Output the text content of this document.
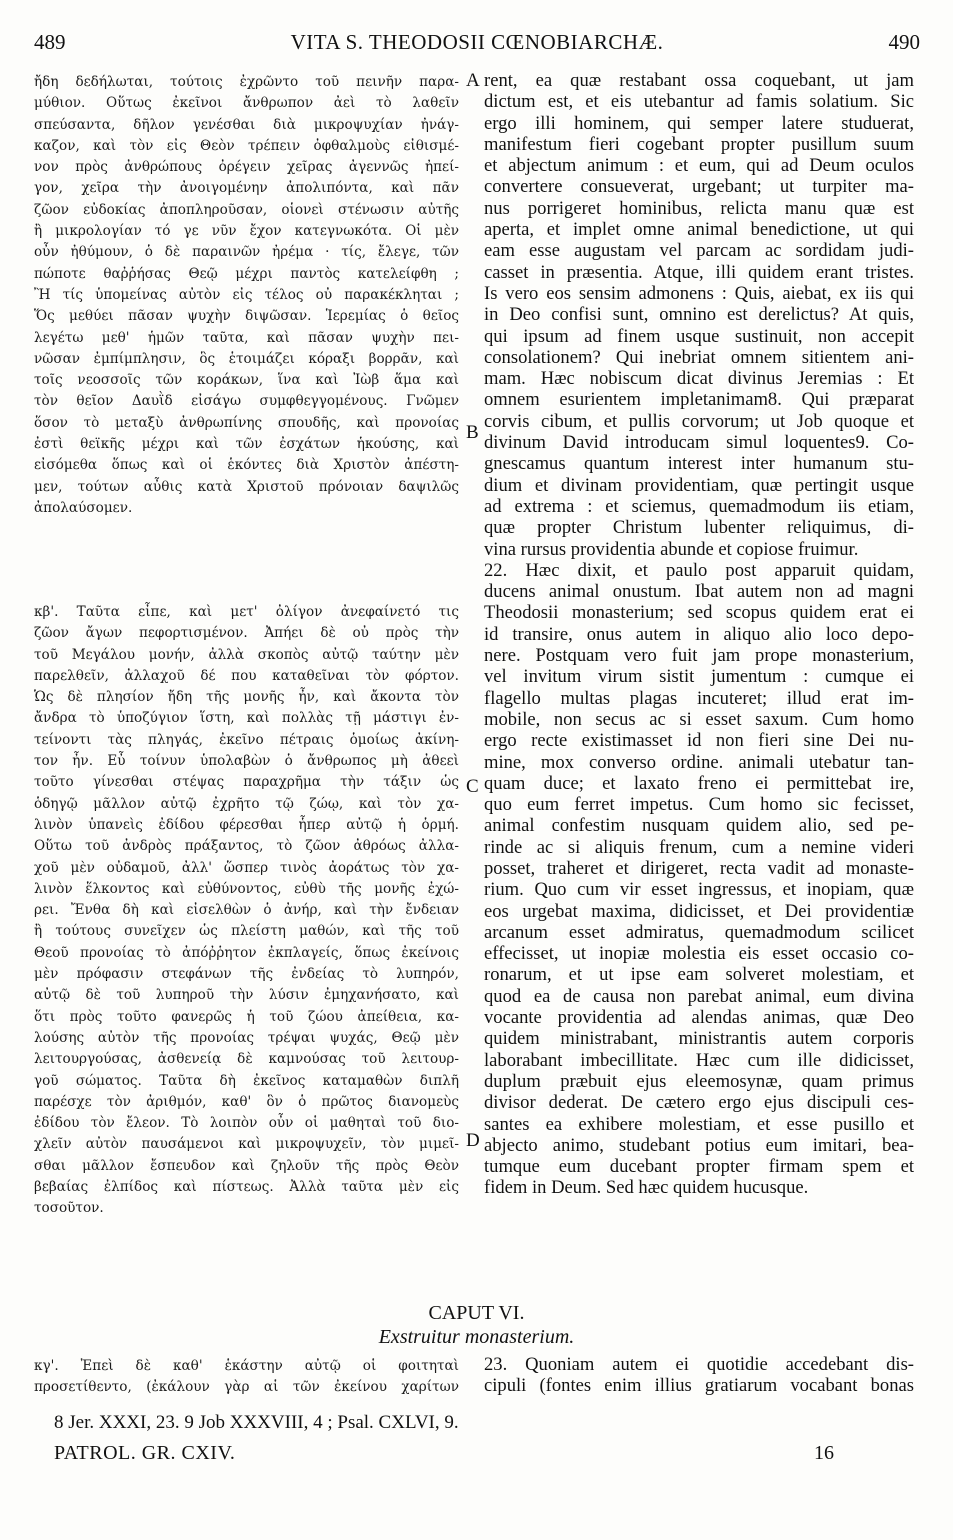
489	VITA S. THEODOSII CŒNOBIARCHÆ.	490
ἤδη δεδήλωται, τούτοις ἐχρῶντο τοῦ πεινῆν παρα-
μύθιον. Οὕτως ἐκεῖνοι ἄνθρωπον ἀεὶ τὸ λαθεῖν
σπεύσαντα, δῆλον γενέσθαι διὰ μικροψυχίαν ἠνάγ-
καζον, καὶ τὸν εἰς Θεὸν τρέπειν ὀφθαλμοὺς εἰθισμέ-
νον πρὸς ἀνθρώπους ὀρέγειν χεῖρας ἀγεννῶς ἠπεί-
γον, χεῖρα τὴν ἀνοιγομένην ἀπολιπόντα, καὶ πᾶν
ζῶον εὐδοκίας ἀποπληροῦσαν, οἱονεὶ στένωσιν αὐτῆς
ἢ μικρολογίαν τό γε νῦν ἔχον κατεγνωκότα. Οἱ μὲν
οὖν ἠθύμουν, ὁ δὲ παραινῶν ἠρέμα · τίς, ἔλεγε, τῶν
πώποτε θαῤῥήσας Θεῷ μέχρι παντὸς κατελείφθη ;
Ἢ τίς ὑπομείνας αὐτὸν εἰς τέλος οὐ παρακέκληται ;
Ὅς μεθύει πᾶσαν ψυχὴν διψῶσαν. Ἱερεμίας ὁ θεῖος
λεγέτω μεθ' ἡμῶν ταῦτα, καὶ πᾶσαν ψυχὴν πει-
νῶσαν ἐμπίμπλησιν, ὃς ἑτοιμάζει κόραξι βορρᾶν, καὶ
τοῖς νεοσσοῖς τῶν κοράκων, ἵνα καὶ Ἰὼβ ἅμα καὶ
τὸν θεῖον Δαυῒδ εἰσάγω συμφθεγγομένους. Γνῶμεν
ὅσον τὸ μεταξὺ ἀνθρωπίνης σπουδῆς, καὶ προνοίας
ἐστὶ θεϊκῆς μέχρι καὶ τῶν ἐσχάτων ἡκούσης, καὶ
εἰσόμεθα ὅπως καὶ οἱ ἑκόντες διὰ Χριστὸν ἀπέστη-
μεν, τούτων αὖθις κατὰ Χριστοῦ πρόνοιαν δαψιλῶς
ἀπολαύσομεν.
κβ'. Ταῦτα εἶπε, καὶ μετ' ὀλίγον ἀνεφαίνετό τις
ζῶον ἄγων πεφορτισμένον. Ἀπήει δὲ οὐ πρὸς τὴν
τοῦ Μεγάλου μονήν, ἀλλὰ σκοπὸς αὐτῷ ταύτην μὲν
παρελθεῖν, ἀλλαχοῦ δέ που καταθεῖναι τὸν φόρτον.
Ὡς δὲ πλησίον ἤδη τῆς μονῆς ἦν, καὶ ἄκοντα τὸν
ἄνδρα τὸ ὑποζύγιον ἵστη, καὶ πολλὰς τῇ μάστιγι ἐν-
τείνοντι τὰς πληγάς, ἐκεῖνο πέτραις ὁμοίως ἀκίνη-
τον ἦν. Εὖ τοίνυν ὑπολαβὼν ὁ ἄνθρωπος μὴ ἀθεεὶ
τοῦτο γίνεσθαι στέψας παραχρῆμα τὴν τάξιν ὡς
ὁδηγῷ μᾶλλον αὐτῷ ἐχρῆτο τῷ ζώῳ, καὶ τὸν χα-
λινὸν ὑπανεὶς ἐδίδου φέρεσθαι ἧπερ αὐτῷ ἡ ὁρμή.
Οὕτω τοῦ ἀνδρὸς πράξαντος, τὸ ζῶον ἀθρόως ἀλλα-
χοῦ μὲν οὐδαμοῦ, ἀλλ' ὥσπερ τινὸς ἀοράτως τὸν χα-
λινὸν ἕλκοντος καὶ εὐθύνοντος, εὐθὺ τῆς μονῆς ἐχώ-
ρει. Ἔνθα δὴ καὶ εἰσελθὼν ὁ ἀνήρ, καὶ τὴν ἔνδειαν
ἢ τούτους συνεῖχεν ὡς πλείστη μαθών, καὶ τῆς τοῦ
Θεοῦ προνοίας τὸ ἀπόῤῥητον ἐκπλαγείς, ὅπως ἐκείνοις
μὲν πρόφασιν στεφάνων τῆς ἐνδείας τὸ λυπηρόν,
αὐτῷ δὲ τοῦ λυπηροῦ τὴν λύσιν ἐμηχανήσατο, καὶ
ὅτι πρὸς τοῦτο φανερῶς ἡ τοῦ ζώου ἀπείθεια, κα-
λούσης αὐτὸν τῆς προνοίας τρέψαι ψυχάς, Θεῷ μὲν
λειτουργούσας, ἀσθενείᾳ δὲ καμνούσας τοῦ λειτουρ-
γοῦ σώματος. Ταῦτα δὴ ἐκεῖνος καταμαθὼν διπλῆ
παρέσχε τὸν ἀριθμόν, καθ' ὃν ὁ πρῶτος διανομεὺς
ἐδίδου τὸν ἔλεον. Τὸ λοιπὸν οὖν οἱ μαθηταὶ τοῦ διο-
χλεῖν αὐτὸν παυσάμενοι καὶ μικροψυχεῖν, τὸν μιμεῖ-
σθαι μᾶλλον ἔσπευδον καὶ ζηλοῦν τῆς πρὸς Θεὸν
βεβαίας ἐλπίδος καὶ πίστεως. Ἀλλὰ ταῦτα μὲν εἰς
τοσοῦτον.
rent, ea quæ restabant ossa coquebant, ut jam
dictum est, et eis utebantur ad famis solatium. Sic
ergo illi hominem, qui semper latere studuerat,
manifestum fieri cogebant propter pusillum suum
et abjectum animum : et eum, qui ad Deum oculos
convertere consueverat, urgebant; ut turpiter ma-
nus porrigeret hominibus, relicta manu quæ est
aperta, et implet omne animal benedictione, ut qui
eam esse augustam vel parcam ac sordidam judi-
casset in præsentia. Atque, illi quidem erant tristes.
Is vero eos sensim admonens : Quis, aiebat, ex iis qui
in Deo confisi sunt, omnino est derelictus? At quis,
qui ipsum ad finem usque sustinuit, non accepit
consolationem? Qui inebriat omnem sitientem ani-
mam. Hæc nobiscum dicat divinus Jeremias : Et
omnem esurientem impletanimam8. Qui præparat
corvis cibum, et pullis corvorum; ut Job quoque et
divinum David introducam simul loquentes9. Co-
gnescamus quantum interest inter humanum stu-
dium et divinam providentiam, quæ pertingit usque
ad extrema : et sciemus, quemadmodum iis etiam,
quæ propter Christum lubenter reliquimus, di-
vina rursus providentia abunde et copiose fruimur.
22. Hæc dixit, et paulo post apparuit quidam,
ducens animal onustum. Ibat autem non ad magni
Theodosii monasterium; sed scopus quidem erat ei
id transire, onus autem in aliquo alio loco depo-
nere. Postquam vero fuit jam prope monasterium,
vel invitum virum sistit jumentum : cumque ei
flagello multas plagas incuteret; illud erat im-
mobile, non secus ac si esset saxum. Cum homo
ergo recte existimasset id non fieri sine Dei nu-
mine, mox converso ordine. animali utebatur tan-
quam duce; et laxato freno ei permittebat ire,
quo eum ferret impetus. Cum homo sic fecisset,
animal confestim nusquam quidem alio, sed pe-
rinde ac si aliquis frenum, cum a nemine videri
posset, traheret et dirigeret, recta vadit ad monaste-
rium. Quo cum vir esset ingressus, et inopiam, quæ
eos urgebat maxima, didicisset, et Dei providentiæ
arcanum esset admiratus, quemadmodum scilicet
effecisset, ut inopiæ molestia eis esset occasio co-
ronarum, et ut ipse eam solveret molestiam, et
quod ea de causa non parebat animal, eum divina
vocante providentia ad alendas animas, quæ Deo
quidem ministrabant, ministrantis autem corporis
laborabant imbecillitate. Hæc cum ille didicisset,
duplum præbuit ejus eleemosynæ, quam primus
divisor dederat. De cætero ergo ejus discipuli ces-
santes ea exhibere molestiam, et esse pusillo et
abjecto animo, studebant potius eum imitari, bea-
tumque eum ducebant propter firmam spem et
fidem in Deum. Sed hæc quidem hucusque.
A
B
C
D
CAPUT VI.
Exstruitur monasterium.
κγ'. Ἐπεὶ δὲ καθ' ἑκάστην αὐτῷ οἱ φοιτηταὶ
προσετίθεντο, (ἐκάλουν γὰρ αἱ τῶν ἐκείνου χαρίτων
23. Quoniam autem ei quotidie accedebant dis-
cipuli (fontes enim illius gratiarum vocabant bonas
8 Jer. XXXI, 23. 9 Job XXXVIII, 4 ; Psal. CXLVI, 9.
PATROL. GR. CXIV.	16
